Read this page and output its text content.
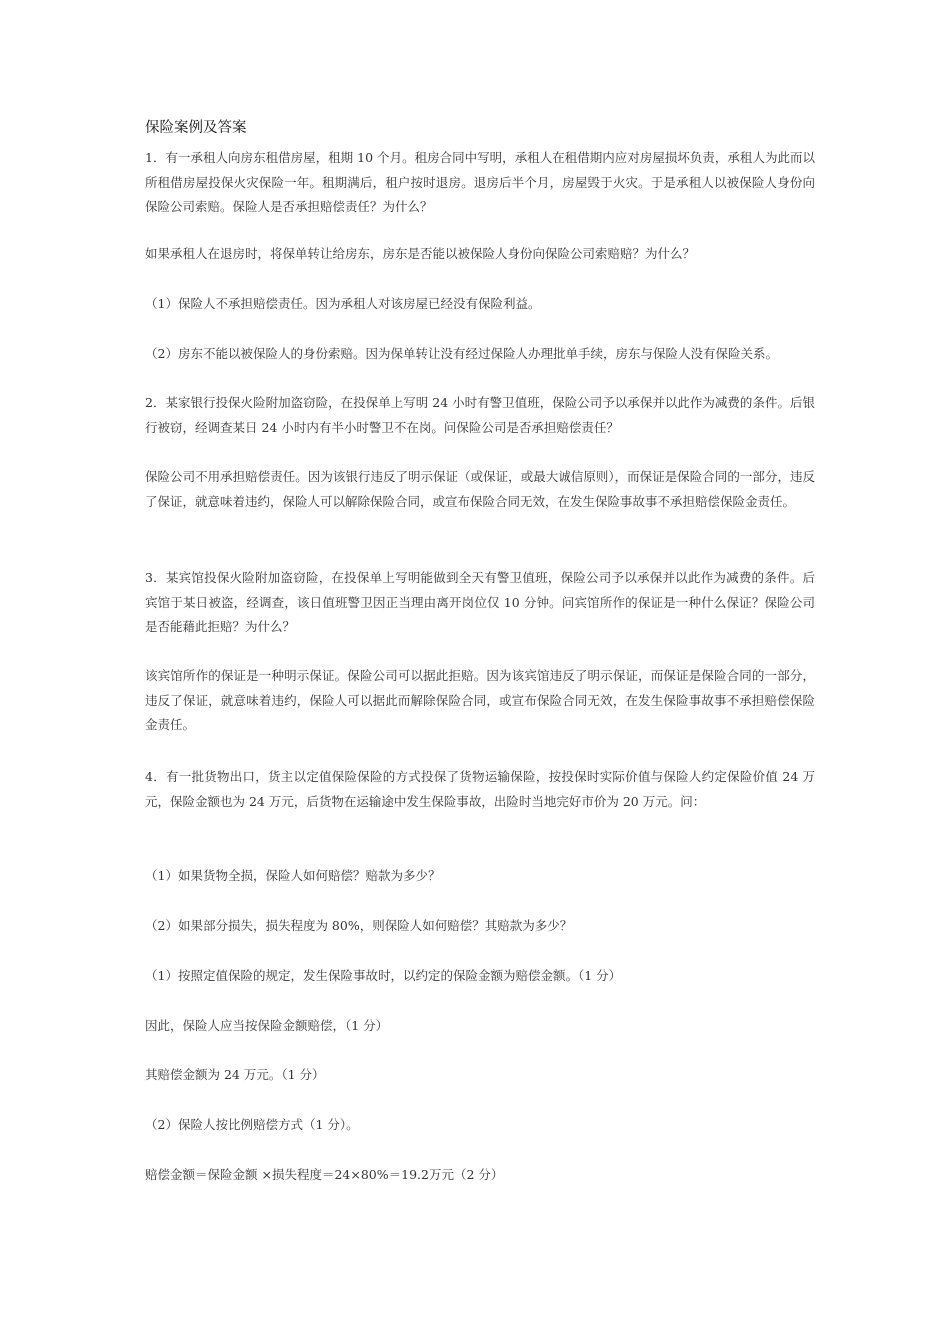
保险案例及答案
1．有一承租人向房东租借房屋，租期 10 个月。租房合同中写明，承租人在租借期内应对房屋损坏负责，承租人为此而以所租借房屋投保火灾保险一年。租期满后，租户按时退房。退房后半个月，房屋毁于火灾。于是承租人以被保险人身份向保险公司索赔。保险人是否承担赔偿责任？为什么？
如果承租人在退房时，将保单转让给房东，房东是否能以被保险人身份向保险公司索赔赔？为什么？
（1）保险人不承担赔偿责任。因为承租人对该房屋已经没有保险利益。
（2）房东不能以被保险人的身份索赔。因为保单转让没有经过保险人办理批单手续，房东与保险人没有保险关系。
2．某家银行投保火险附加盗窃险，在投保单上写明 24 小时有警卫值班，保险公司予以承保并以此作为减费的条件。后银行被窃，经调查某日 24 小时内有半小时警卫不在岗。问保险公司是否承担赔偿责任？
保险公司不用承担赔偿责任。因为该银行违反了明示保证（或保证，或最大诚信原则），而保证是保险合同的一部分，违反了保证，就意味着违约，保险人可以解除保险合同，或宣布保险合同无效，在发生保险事故事不承担赔偿保险金责任。
3．某宾馆投保火险附加盗窃险，在投保单上写明能做到全天有警卫值班，保险公司予以承保并以此作为减费的条件。后宾馆于某日被盗，经调查，该日值班警卫因正当理由离开岗位仅 10 分钟。问宾馆所作的保证是一种什么保证？保险公司是否能藉此拒赔？为什么？
该宾馆所作的保证是一种明示保证。保险公司可以据此拒赔。因为该宾馆违反了明示保证，而保证是保险合同的一部分，违反了保证，就意味着违约，保险人可以据此而解除保险合同，或宣布保险合同无效，在发生保险事故事不承担赔偿保险金责任。
4．有一批货物出口，货主以定值保险保险的方式投保了货物运输保险，按投保时实际价值与保险人约定保险价值 24 万元，保险金额也为 24 万元，后货物在运输途中发生保险事故，出险时当地完好市价为 20 万元。问：
（1）如果货物全损，保险人如何赔偿？赔款为多少？
（2）如果部分损失，损失程度为 80%，则保险人如何赔偿？其赔款为多少？
（1）按照定值保险的规定，发生保险事故时，以约定的保险金额为赔偿金额。（1 分）
因此，保险人应当按保险金额赔偿，（1 分）
其赔偿金额为 24 万元。（1 分）
（2）保险人按比例赔偿方式（1 分）。
赔偿金额＝保险金额 ×损失程度＝24×80%＝19.2万元（2 分）
